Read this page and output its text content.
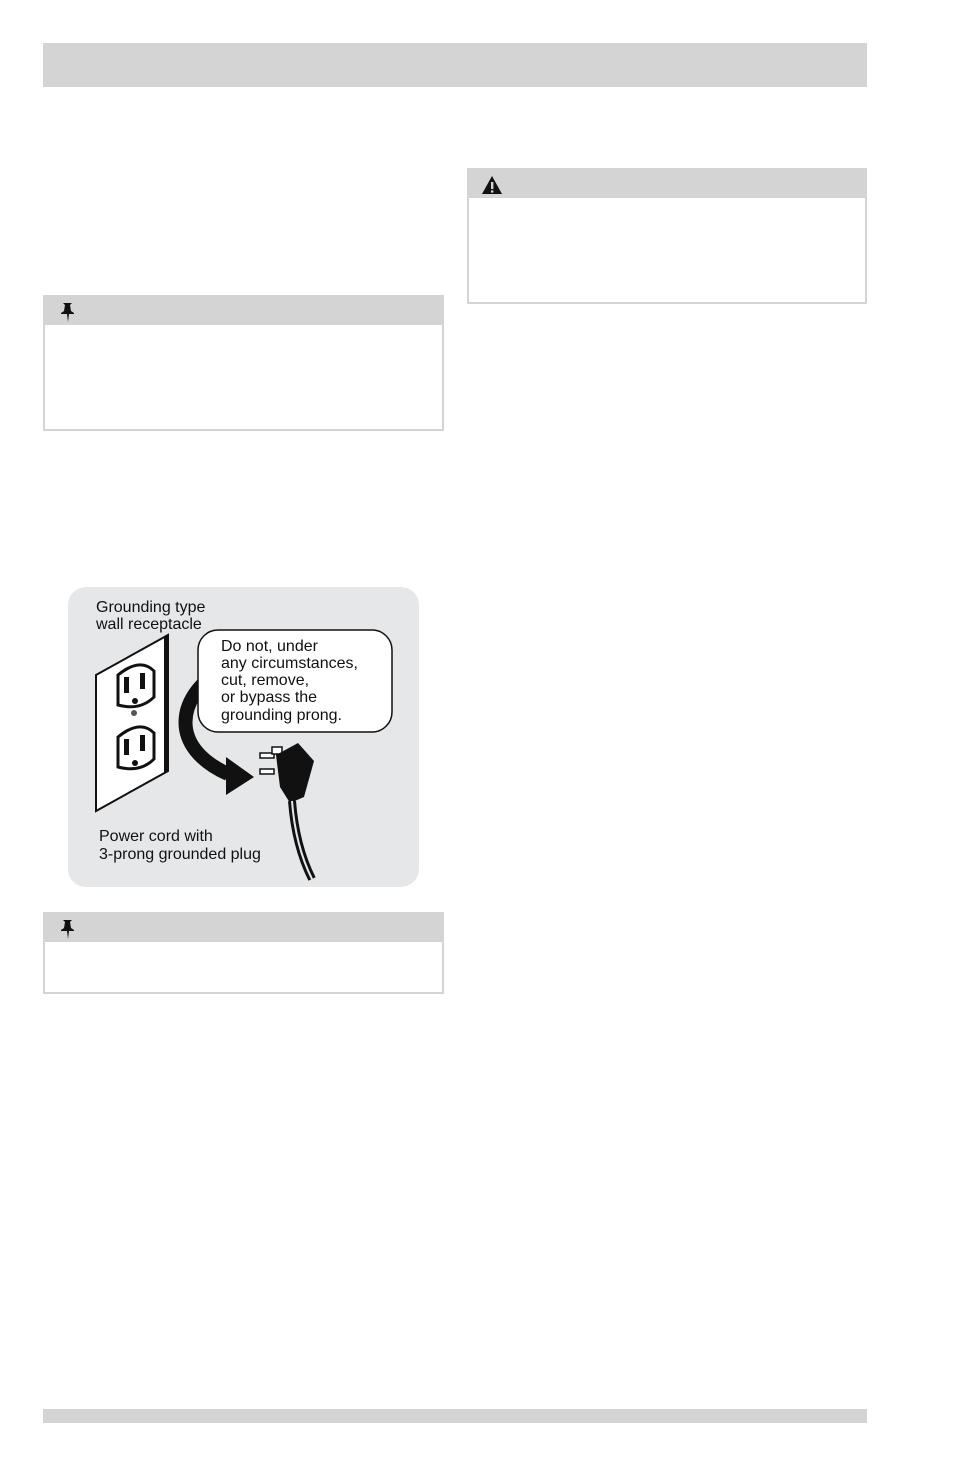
Grounding type wall receptacle
Do not, under any circumstances, cut, remove, or bypass the grounding prong.
Power cord with 3-prong grounded plug
